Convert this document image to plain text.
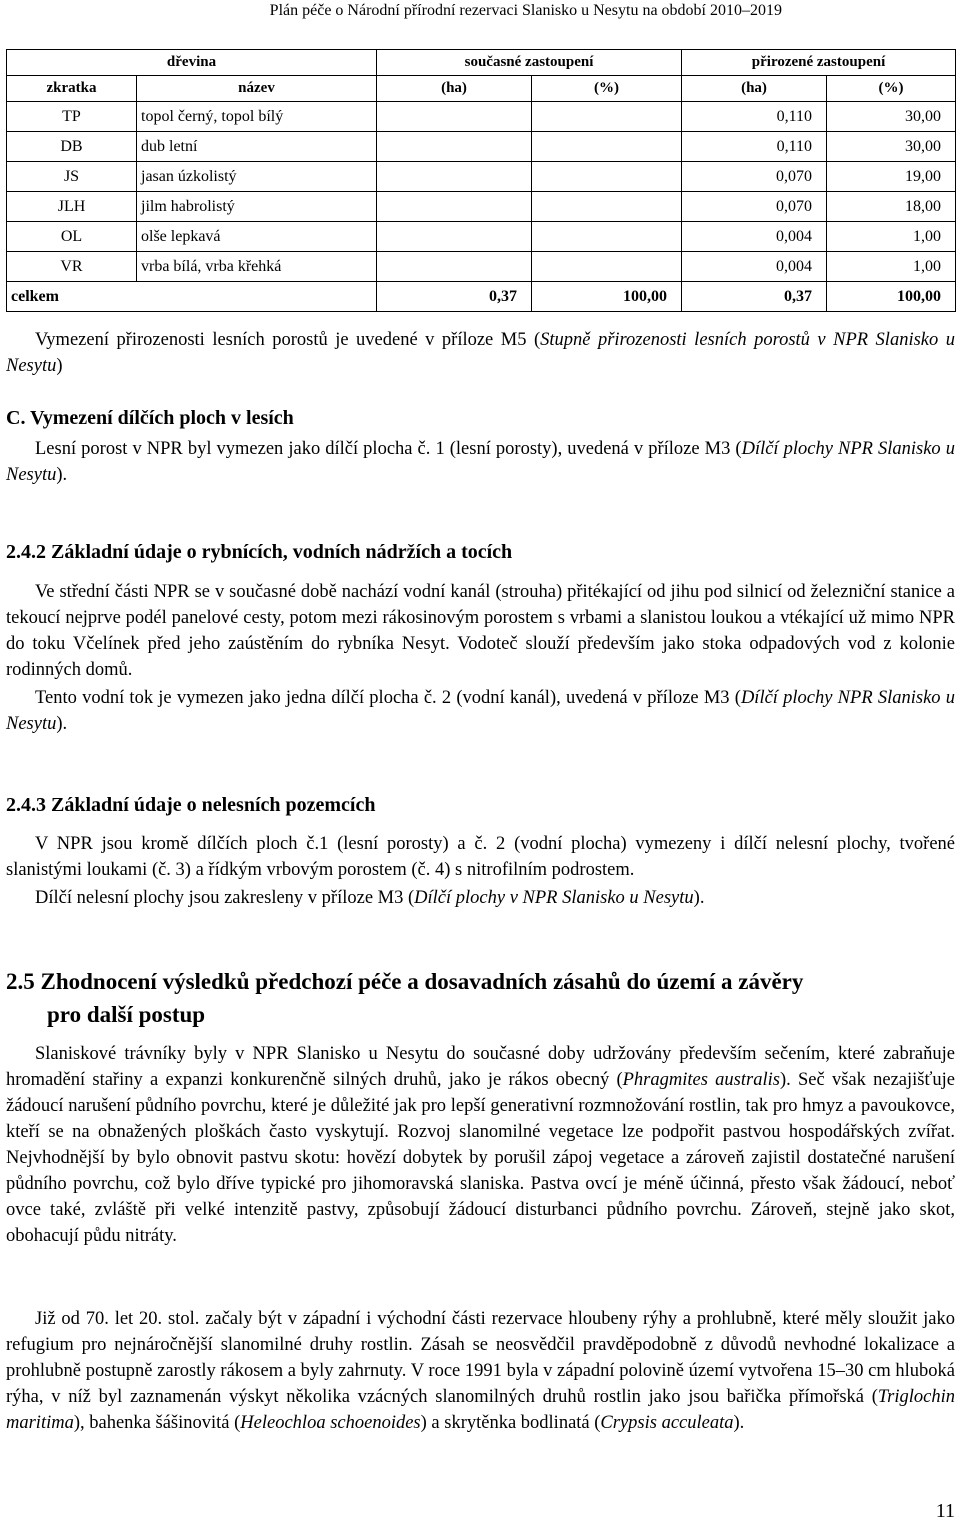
Plán péče o Národní přírodní rezervaci Slanisko u Nesytu na období 2010–2019
dřevina		současné zastoupení		přirozené zastoupení	
zkratka	název	(ha)	(%)	(ha)	(%)
TP	topol černý, topol bílý			0,110	30,00
DB	dub letní			0,110	30,00
JS	jasan úzkolistý			0,070	19,00
JLH	jilm habrolistý			0,070	18,00
OL	olše lepkavá			0,004	1,00
VR	vrba bílá, vrba křehká			0,004	1,00
celkem		0,37	100,00	0,37	100,00

Vymezení přirozenosti lesních porostů je uvedené v příloze M5 (Stupně přirozenosti lesních porostů v NPR Slanisko u Nesytu)

C. Vymezení dílčích ploch v lesích

Lesní porost v NPR byl vymezen jako dílčí plocha č. 1 (lesní porosty), uvedená v příloze M3 (Dílčí plochy NPR Slanisko u Nesytu).

2.4.2 Základní údaje o rybnících, vodních nádržích a tocích

Ve střední části NPR se v současné době nachází vodní kanál (strouha) přitékající od jihu pod silnicí od železniční stanice a tekoucí nejprve podél panelové cesty, potom mezi rákosinovým porostem s vrbami a slanistou loukou a vtékající už mimo NPR do toku Včelínek před jeho zaústěním do rybníka Nesyt. Vodoteč slouží především jako stoka odpadových vod z kolonie rodinných domů.

Tento vodní tok je vymezen jako jedna dílčí plocha č. 2 (vodní kanál), uvedená v příloze M3 (Dílčí plochy NPR Slanisko u Nesytu).

2.4.3 Základní údaje o nelesních pozemcích

V NPR jsou kromě dílčích ploch č.1 (lesní porosty) a č. 2 (vodní plocha) vymezeny i dílčí nelesní plochy, tvořené slanistými loukami (č. 3) a řídkým vrbovým porostem (č. 4) s nitrofilním podrostem.

Dílčí nelesní plochy jsou zakresleny v příloze M3 (Dílčí plochy v NPR Slanisko u Nesytu).

2.5 Zhodnocení výsledků předchozí péče a dosavadních zásahů do území a závěry
pro další postup

Slaniskové trávníky byly v NPR Slanisko u Nesytu do současné doby udržovány především sečením, které zabraňuje hromadění stařiny a expanzi konkurenčně silných druhů, jako je rákos obecný (Phragmites australis). Seč však nezajišťuje žádoucí narušení půdního povrchu, které je důležité jak pro lepší generativní rozmnožování rostlin, tak pro hmyz a pavoukovce, kteří se na obnažených ploškách často vyskytují. Rozvoj slanomilné vegetace lze podpořit pastvou hospodářských zvířat. Nejvhodnější by bylo obnovit pastvu skotu: hovězí dobytek by porušil zápoj vegetace a zároveň zajistil dostatečné narušení půdního povrchu, což bylo dříve typické pro jihomoravská slaniska. Pastva ovcí je méně účinná, přesto však žádoucí, neboť ovce také, zvláště při velké intenzitě pastvy, způsobují žádoucí disturbanci půdního povrchu. Zároveň, stejně jako skot, obohacují půdu nitráty.

Již od 70. let 20. stol. začaly být v západní i východní části rezervace hloubeny rýhy a prohlubně, které měly sloužit jako refugium pro nejnáročnější slanomilné druhy rostlin. Zásah se neosvědčil pravděpodobně z důvodů nevhodné lokalizace a prohlubně postupně zarostly rákosem a byly zahrnuty. V roce 1991 byla v západní polovině území vytvořena 15–30 cm hluboká rýha, v níž byl zaznamenán výskyt několika vzácných slanomilných druhů rostlin jako jsou bařička přímořská (Triglochin maritima), bahenka šášinovitá (Heleochloa schoenoides) a skrytěnka bodlinatá (Crypsis acculeata).

11
